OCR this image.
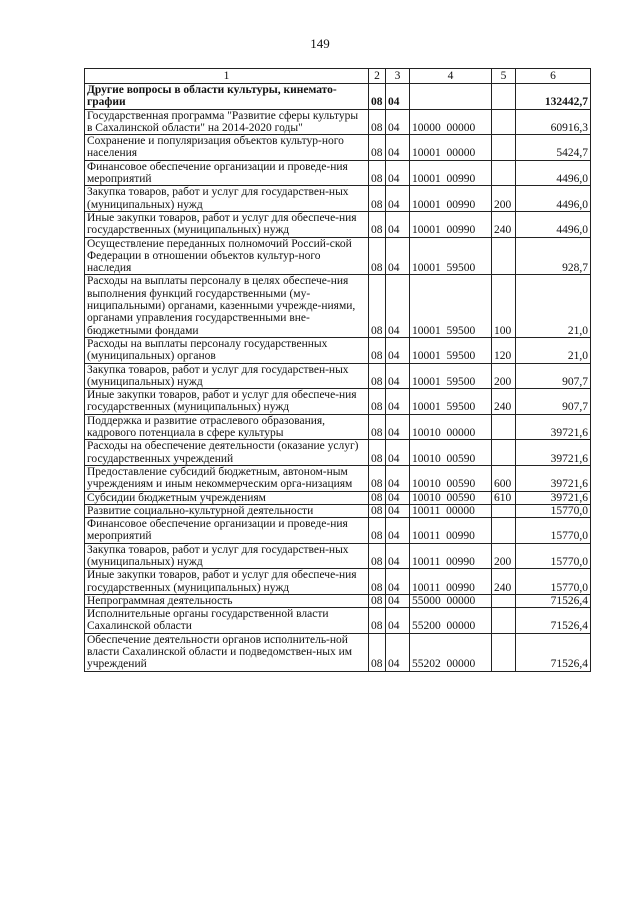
149
1	2	3	4	5	6
Другие вопросы в области культуры, кинемато-графии	08	04			132442,7
Государственная программа "Развитие сферы культуры в Сахалинской области" на 2014-2020 годы"	08	04	10000  00000		60916,3
Сохранение и популяризация объектов культур-ного населения	08	04	10001  00000		5424,7
Финансовое обеспечение организации и проведе-ния мероприятий	08	04	10001  00990		4496,0
Закупка товаров, работ и услуг для государствен-ных (муниципальных) нужд	08	04	10001  00990	200	4496,0
Иные закупки товаров, работ и услуг для обеспече-ния государственных (муниципальных) нужд	08	04	10001  00990	240	4496,0
Осуществление переданных полномочий Россий-ской Федерации в отношении объектов культур-ного наследия	08	04	10001  59500		928,7
Расходы на выплаты персоналу в целях обеспече-ния выполнения функций государственными (му-ниципальными) органами, казенными учрежде-ниями, органами управления государственными вне-бюджетными фондами	08	04	10001  59500	100	21,0
Расходы на выплаты персоналу государственных (муниципальных) органов	08	04	10001  59500	120	21,0
Закупка товаров, работ и услуг для государствен-ных (муниципальных) нужд	08	04	10001  59500	200	907,7
Иные закупки товаров, работ и услуг для обеспече-ния государственных (муниципальных) нужд	08	04	10001  59500	240	907,7
Поддержка и развитие отраслевого образования, кадрового потенциала в сфере культуры	08	04	10010  00000		39721,6
Расходы на обеспечение деятельности (оказание услуг) государственных учреждений	08	04	10010  00590		39721,6
Предоставление субсидий бюджетным, автоном-ным учреждениям и иным некоммерческим орга-низациям	08	04	10010  00590	600	39721,6
Субсидии бюджетным учреждениям	08	04	10010  00590	610	39721,6
Развитие социально-культурной деятельности	08	04	10011  00000		15770,0
Финансовое обеспечение организации и проведе-ния мероприятий	08	04	10011  00990		15770,0
Закупка товаров, работ и услуг для государствен-ных (муниципальных) нужд	08	04	10011  00990	200	15770,0
Иные закупки товаров, работ и услуг для обеспече-ния государственных (муниципальных) нужд	08	04	10011  00990	240	15770,0
Непрограммная деятельность	08	04	55000  00000		71526,4
Исполнительные органы государственной власти Сахалинской области	08	04	55200  00000		71526,4
Обеспечение деятельности органов исполнитель-ной власти Сахалинской области и подведомствен-ных им учреждений	08	04	55202  00000		71526,4
